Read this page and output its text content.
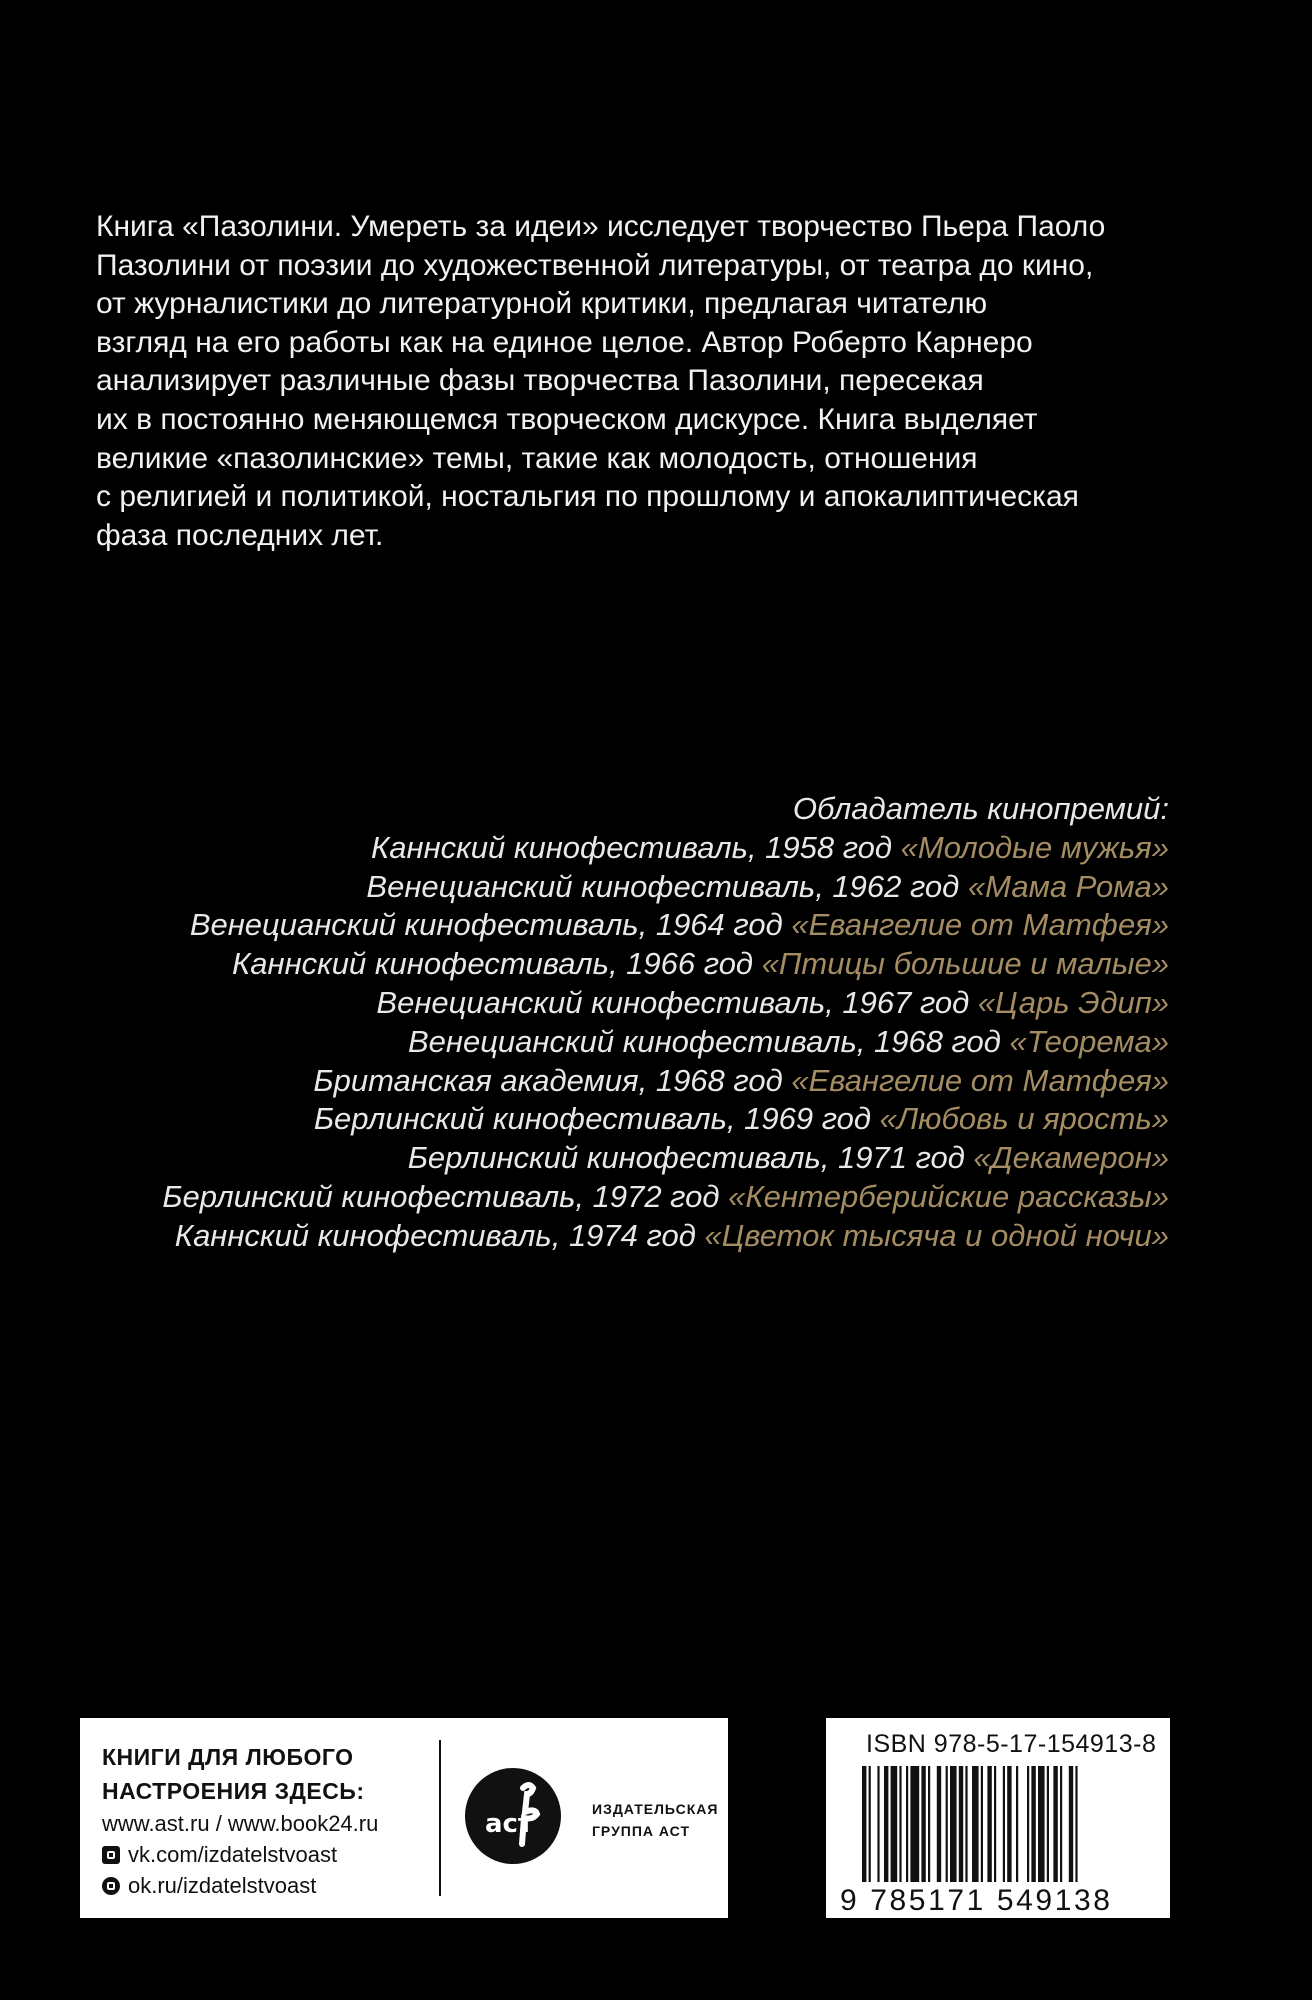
Книга «Пазолини. Умереть за идеи» исследует творчество Пьера Паоло
Пазолини от поэзии до художественной литературы, от театра до кино,
от журналистики до литературной критики, предлагая читателю
взгляд на его работы как на единое целое. Автор Роберто Карнеро
анализирует различные фазы творчества Пазолини, пересекая
их в постоянно меняющемся творческом дискурсе. Книга выделяет
великие «пазолинские» темы, такие как молодость, отношения
с религией и политикой, ностальгия по прошлому и апокалиптическая
фаза последних лет.
Обладатель кинопремий:
Каннский кинофестиваль, 1958 год «Молодые мужья»
Венецианский кинофестиваль, 1962 год «Мама Рома»
Венецианский кинофестиваль, 1964 год «Евангелие от Матфея»
Каннский кинофестиваль, 1966 год «Птицы большие и малые»
Венецианский кинофестиваль, 1967 год «Царь Эдип»
Венецианский кинофестиваль, 1968 год «Теорема»
Британская академия, 1968 год «Евангелие от Матфея»
Берлинский кинофестиваль, 1969 год «Любовь и ярость»
Берлинский кинофестиваль, 1971 год «Декамерон»
Берлинский кинофестиваль, 1972 год «Кентерберийские рассказы»
Каннский кинофестиваль, 1974 год «Цветок тысяча и одной ночи»
КНИГИ ДЛЯ ЛЮБОГО
НАСТРОЕНИЯ ЗДЕСЬ:
www.ast.ru / www.book24.ru
vk.com/izdatelstvoast
ok.ru/izdatelstvoast
аст	ИЗДАТЕЛЬСКАЯ
ГРУППА АСТ
ISBN 978-5-17-154913-8
9 785171 549138
